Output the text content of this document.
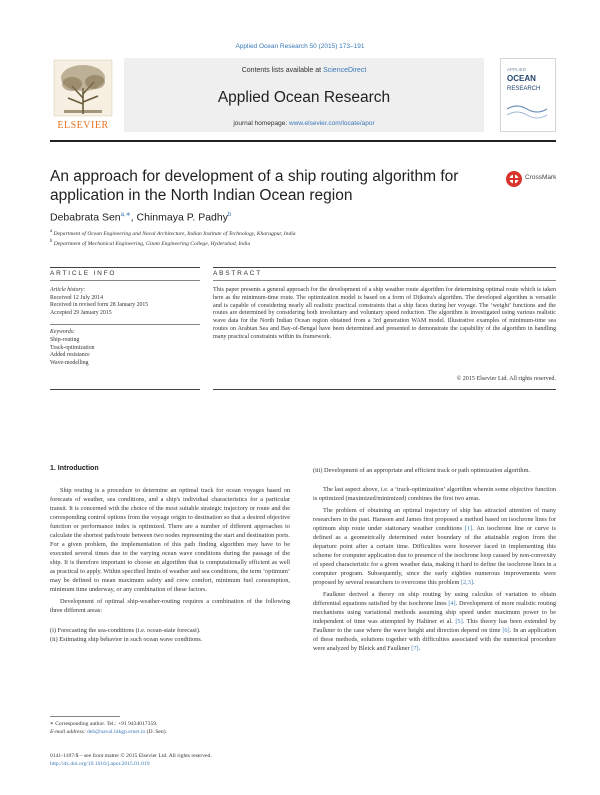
Applied Ocean Research 50 (2015) 173–191
ELSEVIER
Contents lists available at ScienceDirect
Applied Ocean Research
journal homepage: www.elsevier.com/locate/apor
APPLIED
OCEAN
RESEARCH
An approach for development of a ship routing algorithm for application in the North Indian Ocean region
CrossMark
Debabrata Sen$^{a,∗}$, Chinmaya P. Padhy$^b$
$^a$ Department of Ocean Engineering and Naval Architecture, Indian Institute of Technology, Kharagpur, India
$^b$ Department of Mechanical Engineering, Gitam Engineering College, Hyderabad, India
ARTICLE INFO	ABSTRACT
Article history:
Received 12 July 2014
Received in revised form 28 January 2015
Accepted 29 January 2015
Keywords:
Ship-routing
Track-optimization
Added resistance
Wave-modelling
This paper presents a general approach for the development of a ship weather route algorithm for determining optimal route which is taken here as the minimum-time route. The optimization model is based on a form of Dijkstra's algorithm. The developed algorithm is versatile and is capable of considering nearly all realistic practical constraints that a ship faces during her voyage. The ‘weight’ functions and the routes are determined by considering both involuntary and voluntary speed reduction. The algorithm is investigated using various realistic wave data for the North Indian Ocean region obtained from a 3rd generation WAM model. Illustrative examples of minimum-time sea routes on Arabian Sea and Bay-of-Bengal have been determined and presented to demonstrate the capability of the algorithm in handling many practical constraints within its framework.
© 2015 Elsevier Ltd. All rights reserved.
1. Introduction

Ship routing is a procedure to determine an optimal track for ocean voyages based on forecasts of weather, sea conditions, and a ship's individual characteristics for a particular transit. It is concerned with the choice of the most suitable strategic trajectory or route and the corresponding control options from the voyage origin to destination so that a desired objective function or performance index is optimized. There are a number of different approaches to calculate the shortest path/route between two nodes representing the start and destination ports. For a given problem, the implementation of this path finding algorithm may have to be executed several times due to the varying ocean wave conditions during the passage of the ship. It is therefore important to choose an algorithm that is computationally efficient as well as practical to apply. Within specified limits of weather and sea conditions, the term ‘optimum’ may be defined to mean maximum safety and crew comfort, minimum fuel consumption, minimum time underway, or any combination of these factors.

Development of optimal ship-weather-routing requires a combination of the following three different areas:

(i) Forecasting the sea-conditions (i.e. ocean-state forecast).

(ii) Estimating ship behavior in such ocean wave conditions.

(iii) Development of an appropriate and efficient track or path optimization algorithm.

The last aspect above, i.e. a ‘track-optimization’ algorithm wherein some objective function is optimized (maximized/minimized) combines the first two areas.

The problem of obtaining an optimal trajectory of ship has attracted attention of many researchers in the past. Hanssen and James first proposed a method based on isochrone lines for optimum ship route under stationary weather conditions [1]. An isochrone line or curve is defined as a geometrically determined outer boundary of the attainable region from the departure point after a certain time. Difficulties were however faced in implementing this scheme for computer application due to presence of the isochrone loop caused by non-convexity of speed characteristic for a given weather data, making it hard to define the isochrone lines in a computer program. Subsequently, since the early eighties numerous improvements were proposed by several researchers to overcome this problem [2,3].

Faulkner derived a theory on ship routing by using calculus of variation to obtain differential equations satisfied by the isochrone lines [4]. Development of more realistic routing mechanisms using variational methods assuming ship speed under maximum power to be independent of time was attempted by Haltiner et al. [5]. This theory has been extended by Faulkner to the case where the wave height and direction depend on time [6]. In an application of these methods, solutions together with difficulties associated with the numerical procedure were analyzed by Bleick and Faulkner [7].

∗ Corresponding author. Tel.: +91 9434017359.
E-mail address: deb@naval.iitkgp.ernet.in (D. Sen).
0141-1187/$ – see front matter © 2015 Elsevier Ltd. All rights reserved.
http://dx.doi.org/10.1016/j.apor.2015.01.019
